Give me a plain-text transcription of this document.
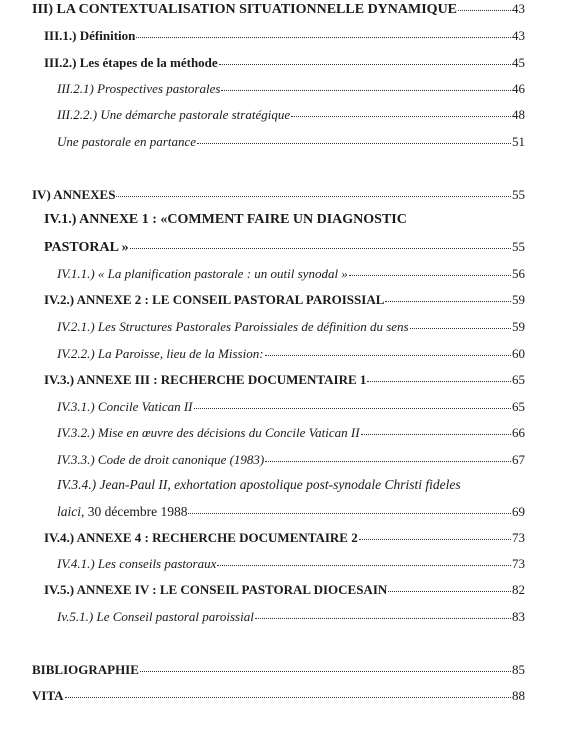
III) LA CONTEXTUALISATION SITUATIONNELLE DYNAMIQUE	43
III.1.) Définition	43
III.2.) Les étapes de la méthode	45
III.2.1) Prospectives pastorales	46
III.2.2.) Une démarche pastorale stratégique	48
Une pastorale en partance	51
IV) ANNEXES	55
IV.1.) ANNEXE 1 : «COMMENT FAIRE UN DIAGNOSTIC
PASTORAL »	55
IV.1.1.) « La planification pastorale : un outil synodal »	56
IV.2.) ANNEXE 2 : LE CONSEIL PASTORAL PAROISSIAL	59
IV.2.1.) Les Structures Pastorales Paroissiales de définition du sens	59
IV.2.2.) La Paroisse, lieu de la Mission:	60
IV.3.) ANNEXE III : RECHERCHE DOCUMENTAIRE 1	65
IV.3.1.) Concile Vatican II	65
IV.3.2.) Mise en œuvre des décisions du Concile Vatican II	66
IV.3.3.) Code de droit canonique (1983)	67
IV.3.4.) Jean-Paul II, exhortation apostolique post-synodale Christi fideles
laici, 30 décembre 1988	69
IV.4.) ANNEXE 4 : RECHERCHE DOCUMENTAIRE 2	73
IV.4.1.) Les conseils pastoraux	73
IV.5.) ANNEXE IV : LE CONSEIL PASTORAL DIOCESAIN	82
Iv.5.1.) Le Conseil pastoral paroissial	83
BIBLIOGRAPHIE	85
VITA	88
